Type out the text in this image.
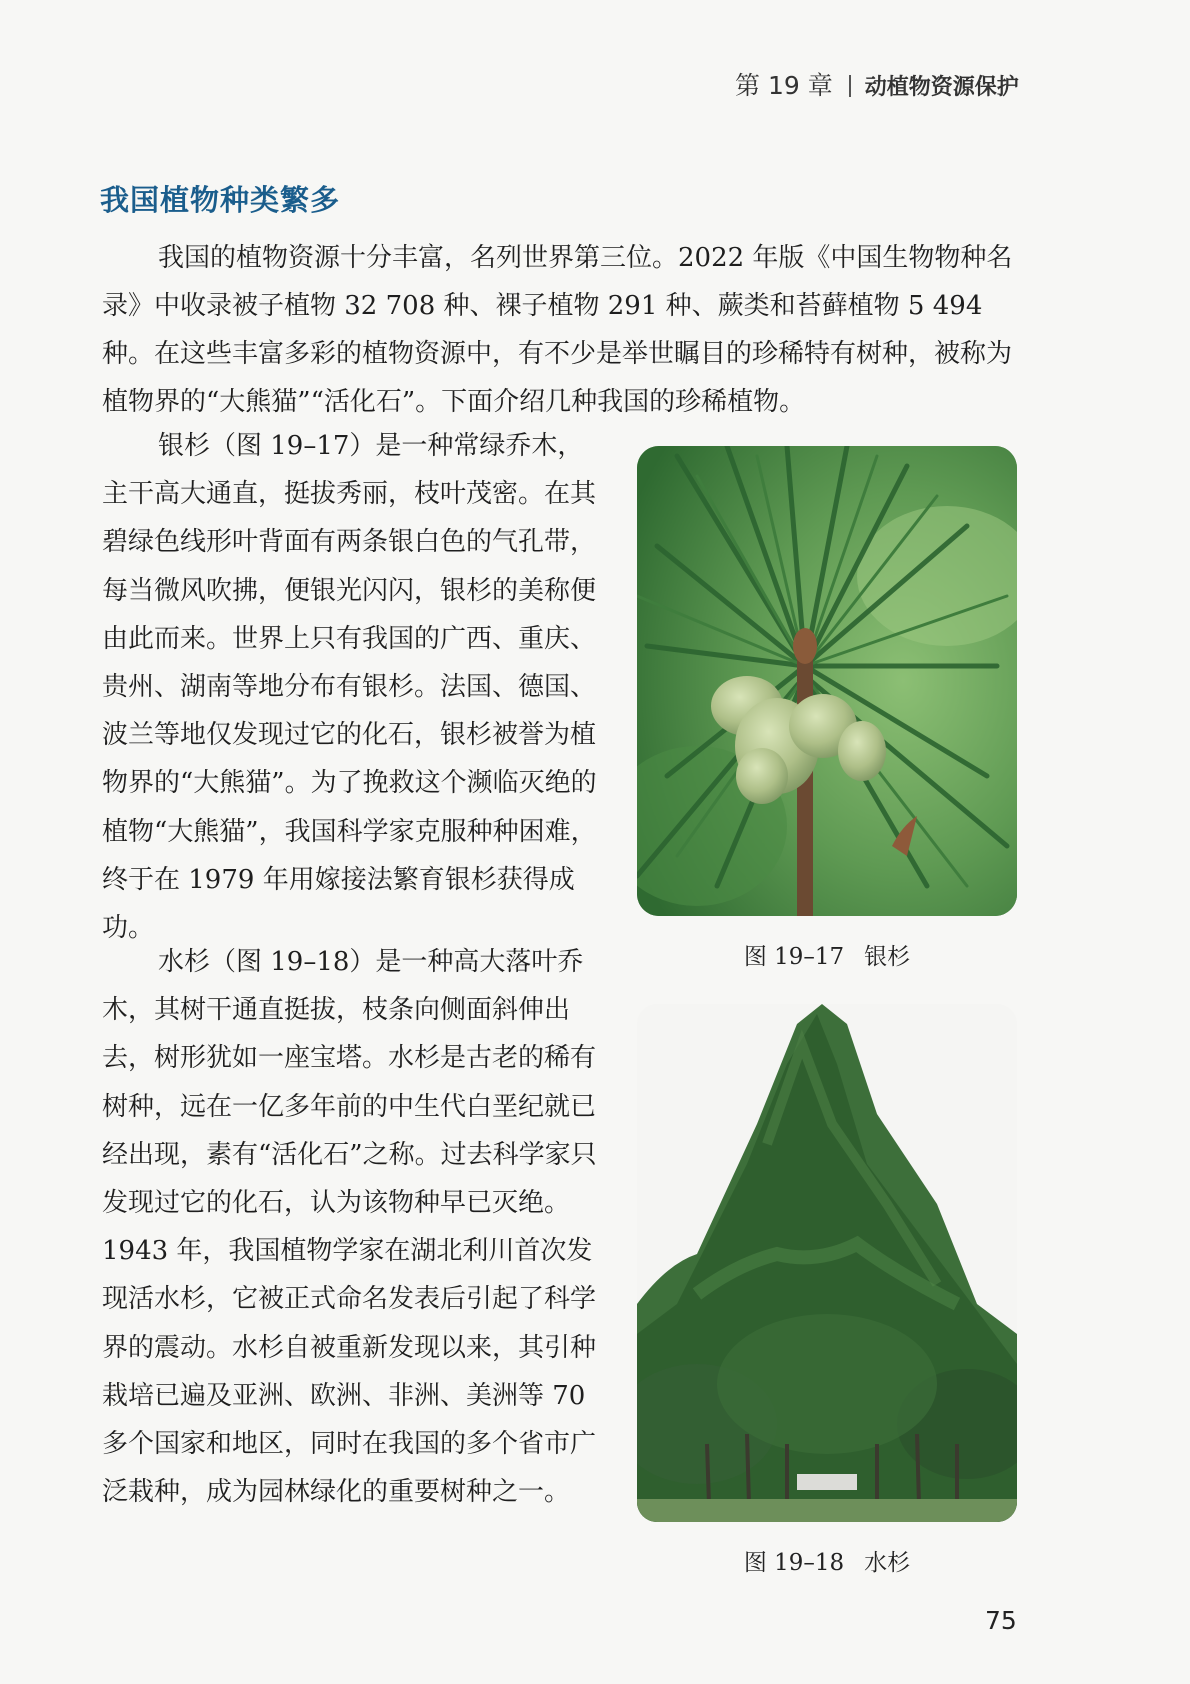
第 19 章 动植物资源保护
我国植物种类繁多

我国的植物资源十分丰富，名列世界第三位。2022 年版《中国生物物种名录》中收录被子植物 32 708 种、裸子植物 291 种、蕨类和苔藓植物 5 494 种。在这些丰富多彩的植物资源中，有不少是举世瞩目的珍稀特有树种，被称为植物界的“大熊猫”“活化石”。下面介绍几种我国的珍稀植物。

银杉（图 19–17）是一种常绿乔木，主干高大通直，挺拔秀丽，枝叶茂密。在其碧绿色线形叶背面有两条银白色的气孔带，每当微风吹拂，便银光闪闪，银杉的美称便由此而来。世界上只有我国的广西、重庆、贵州、湖南等地分布有银杉。法国、德国、波兰等地仅发现过它的化石，银杉被誉为植物界的“大熊猫”。为了挽救这个濒临灭绝的植物“大熊猫”，我国科学家克服种种困难，终于在 1979 年用嫁接法繁育银杉获得成功。

水杉（图 19–18）是一种高大落叶乔木，其树干通直挺拔，枝条向侧面斜伸出去，树形犹如一座宝塔。水杉是古老的稀有树种，远在一亿多年前的中生代白垩纪就已经出现，素有“活化石”之称。过去科学家只发现过它的化石，认为该物种早已灭绝。1943 年，我国植物学家在湖北利川首次发现活水杉，它被正式命名发表后引起了科学界的震动。水杉自被重新发现以来，其引种栽培已遍及亚洲、欧洲、非洲、美洲等 70 多个国家和地区，同时在我国的多个省市广泛栽种，成为园林绿化的重要树种之一。

图 19–17 银杉
图 19–18 水杉
75
